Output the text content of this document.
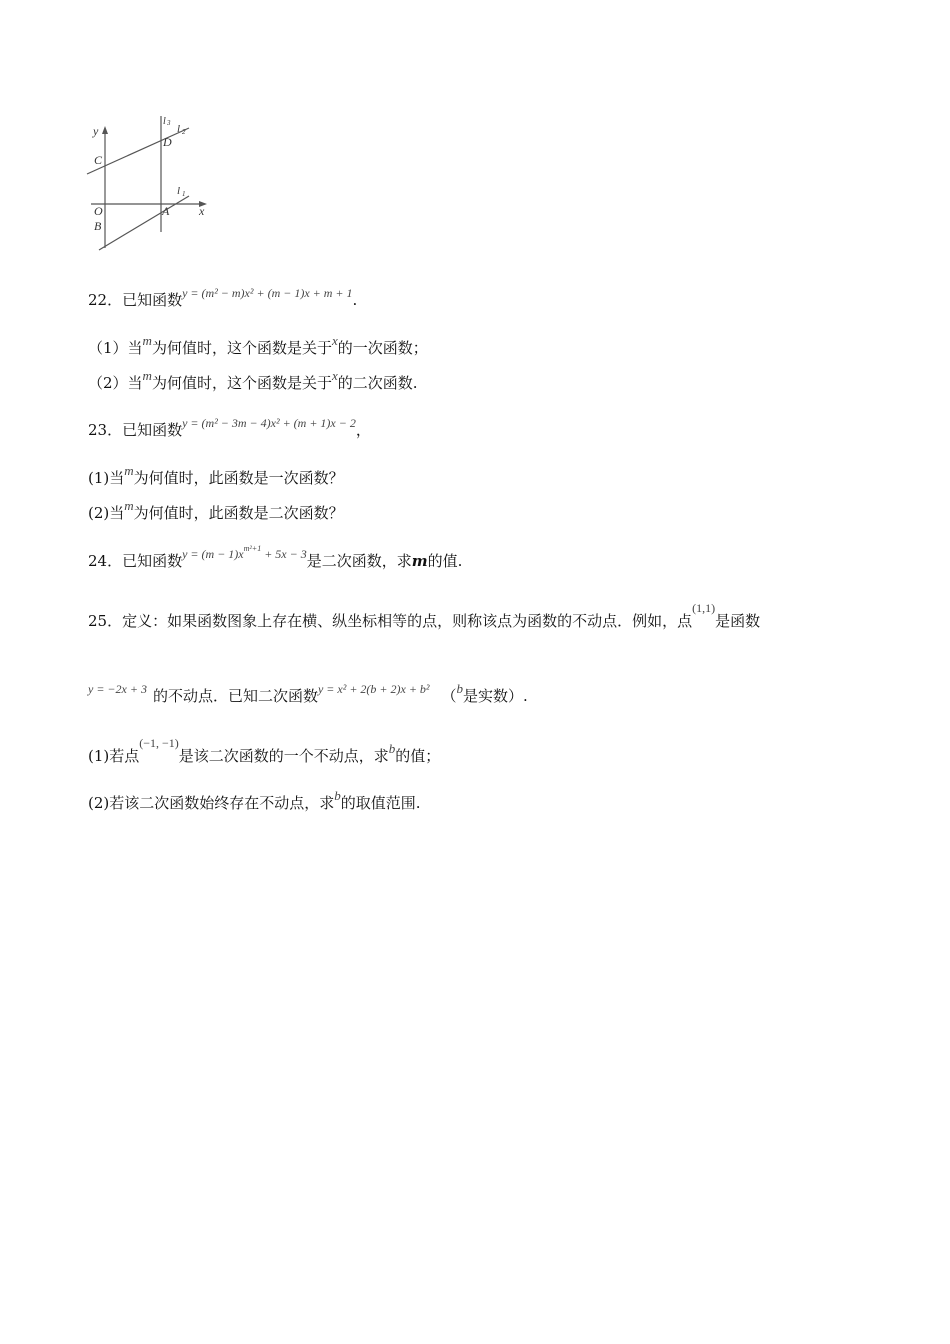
y
x
O	A
B
C
D
l 1
l 2
l 3
22．已知函数y = (m² − m)x² + (m − 1)x + m + 1.
（1）当m为何值时，这个函数是关于x的一次函数；
（2）当m为何值时，这个函数是关于x的二次函数.
23．已知函数y = (m² − 3m − 4)x² + (m + 1)x − 2，
(1)当m为何值时，此函数是一次函数？
(2)当m为何值时，此函数是二次函数？
24．已知函数y = (m − 1)xm²+1 + 5x − 3是二次函数，求m的值.
25．定义：如果函数图象上存在横、纵坐标相等的点，则称该点为函数的不动点．例如，点(1,1)是函数
y = −2x + 3 的不动点．已知二次函数y = x² + 2(b + 2)x + b² （b是实数）.
(1)若点(−1, −1)是该二次函数的一个不动点，求b的值；
(2)若该二次函数始终存在不动点，求b的取值范围.
